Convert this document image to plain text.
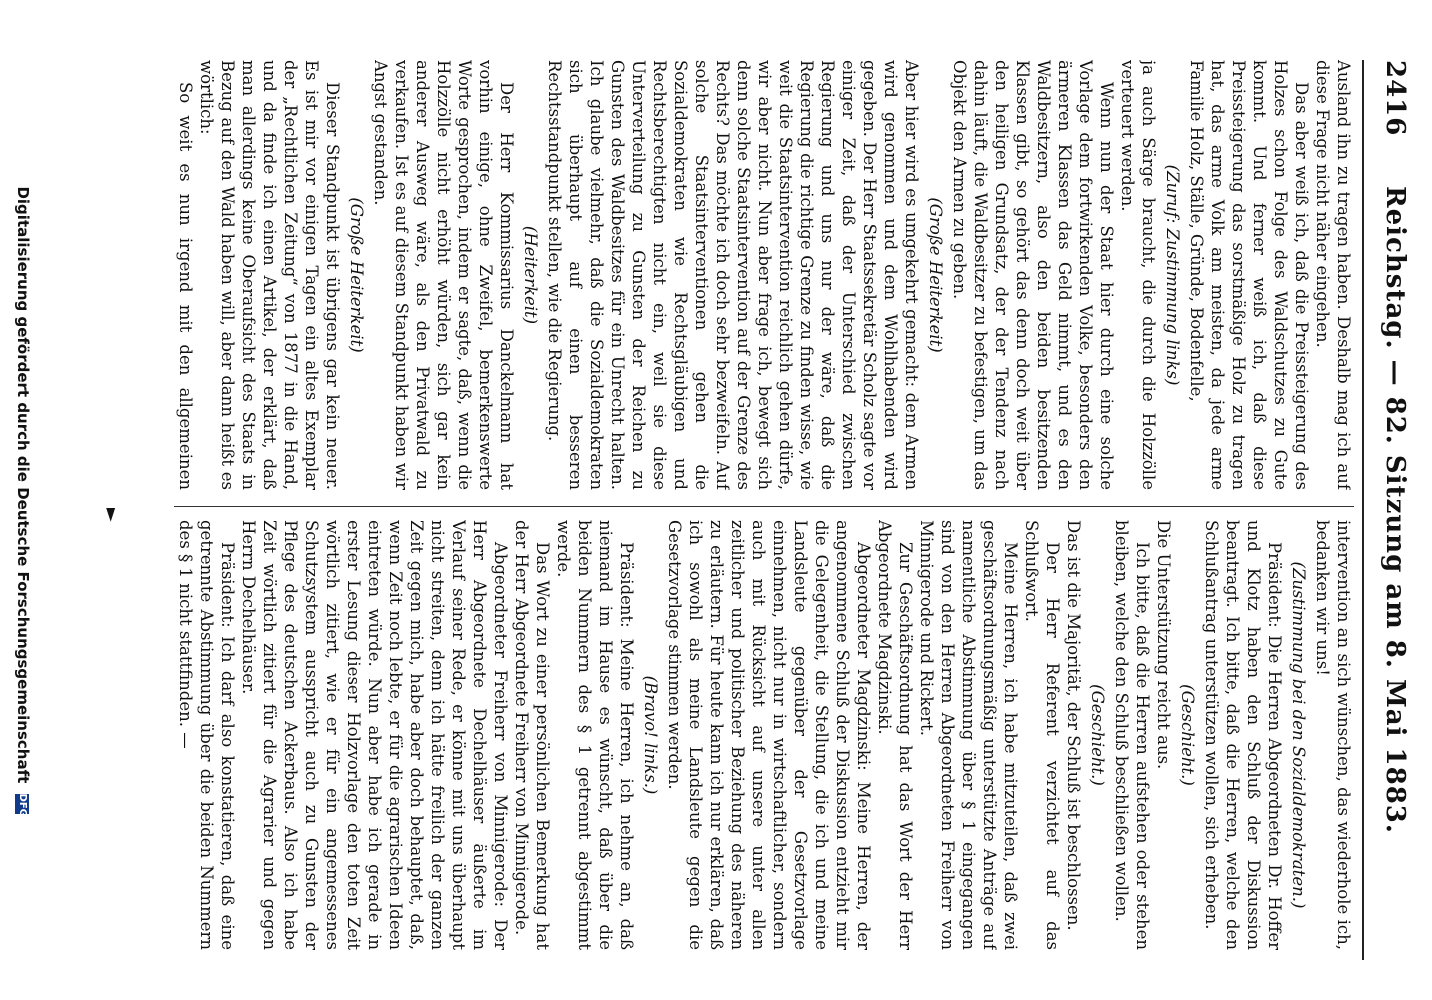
2416
Reichstag. — 82. Sitzung am 8. Mai 1883.

Ausland ihn zu tragen haben. Deshalb mag ich auf diese Frage nicht näher eingehen.

Das aber weiß ich, daß die Preissteigerung des Holzes schon Folge des Waldschutzes zu Gute kommt. Und ferner weiß ich, daß diese Preissteigerung das sorstmäßige Holz zu tragen hat, das arme Volk am meisten, da jede arme Familie Holz, Ställe, Gründe, Bodenfelle,

(Zuruf: Zustimmung links)

ja auch Särge braucht, die durch die Holzzölle verteuert werden.

Wenn nun der Staat hier durch eine solche Vorlage dem fortwirkenden Volke, besonders den ärmeren Klassen das Geld nimmt, und es den Waldbesitzern, also den beiden besitzenden Klassen gibt, so gehört das denn doch weit über den heiligen Grundsatz, der der Tendenz nach dahin läuft, die Waldbesitzer zu befestigen, um das Objekt den Armen zu geben.

(Große Heiterkeit)

Aber hier wird es umgekehrt gemacht: dem Armen wird genommen und dem Wohlhabenden wird gegeben. Der Herr Staatssekretär Scholz sagte vor einiger Zeit, daß der Unterschied zwischen Regierung und uns nur der wäre, daß die Regierung die richtige Grenze zu finden wisse, wie weit die Staatsintervention reichlich gehen dürfe, wir aber nicht. Nun aber frage ich, bewegt sich denn solche Staatsintervention auf der Grenze des Rechts? Das möchte ich doch sehr bezweifeln. Auf solche Staatsinterventionen gehen die Sozialdemokraten wie Rechtsgläubigen und Rechtsberechtigten nicht ein, weil sie diese Unterverteilung zu Gunsten der Reichen zu Gunsten des Waldbesitzes für ein Unrecht halten. Ich glaube vielmehr, daß die Sozialdemokraten sich überhaupt auf einen besseren Rechtsstandpunkt stellen, wie die Regierung.

(Heiterkeit)

Der Herr Kommissarius Danckelmann hat vorhin einige, ohne Zweifel, bemerkenswerte Worte gesprochen, indem er sagte, daß, wenn die Holzzölle nicht erhöht würden, sich gar kein anderer Ausweg wäre, als den Privatwald zu verkaufen. Ist es auf diesem Standpunkt haben wir Angst gestanden.

(Große Heiterkeit)

Dieser Standpunkt ist übrigens gar kein neuer. Es ist mir vor einigen Tagen ein altes Exemplar der „Rechtlichen Zeitung“ von 1877 in die Hand, und da finde ich einen Artikel, der erklärt, daß man allerdings keine Oberaufsicht des Staats in Bezug auf den Wald haben will, aber dann heißt es wörtlich:

So weit es nun irgend mit den allgemeinen

intervention an sich wünschen, das wiederhole ich, bedanken wir uns!

(Zustimmung bei den Sozialdemokraten.)

Präsident: Die Herren Abgeordneten Dr. Hoffer und Klotz haben den Schluß der Diskussion beantragt. Ich bitte, daß die Herren, welche den Schlußantrag unterstützen wollen, sich erheben.

(Geschieht.)

Die Unterstützung reicht aus.

Ich bitte, daß die Herren aufstehen oder stehen bleiben, welche den Schluß beschließen wollen.

(Geschieht.)

Das ist die Majorität, der Schluß ist beschlossen.

Der Herr Referent verzichtet auf das Schlußwort.

Meine Herren, ich habe mitzuteilen, daß zwei geschäftsordnungsmäßig unterstützte Anträge auf namentliche Abstimmung über § 1 eingegangen sind von den Herren Abgeordneten Freiherr von Minnigerode und Rickert.

Zur Geschäftsordnung hat das Wort der Herr Abgeordnete Magdzinski.

Abgeordneter Magdzinski: Meine Herren, der angenommene Schluß der Diskussion entzieht mir die Gelegenheit, die Stellung, die ich und meine Landsleute gegenüber der Gesetzvorlage einnehmen, nicht nur in wirtschaftlicher, sondern auch mit Rücksicht auf unsere unter allen zeitlicher und politischer Beziehung des näheren zu erläutern. Für heute kann ich nur erklären, daß ich sowohl als meine Landsleute gegen die Gesetzvorlage stimmen werden.

(Bravo! links.)

Präsident: Meine Herren, ich nehme an, daß niemand im Hause es wünscht, daß über die beiden Nummern des § 1 getrennt abgestimmt werde.

Das Wort zu einer persönlichen Bemerkung hat der Herr Abgeordnete Freiherr von Minnigerode.

Abgeordneter Freiherr von Minnigerode: Der Herr Abgeordnete Dechelhäuser äußerte im Verlauf seiner Rede, er könne mit uns überhaupt nicht streiten, denn ich hätte freilich der ganzen Zeit gegen mich, habe aber doch behauptet, daß, wenn Zeit noch lebte, er für die agrarischen Ideen eintreten würde. Nun aber habe ich gerade in erster Lesung dieser Holzvorlage den toten Zeit wörtlich zitiert, wie er für ein angemessenes Schutzsystem ausspricht auch zu Gunsten der Pflege des deutschen Ackerbaus. Also ich habe Zeit wörtlich zitiert für die Agrarier und gegen Herrn Dechelhäuser.

Präsident: Ich darf also konstatieren, daß eine getrennte Abstimmung über die beiden Nummern des § 1 nicht stattfinden. —

►
Digitalisierung gefördert durch die Deutsche Forschungsgemeinschaft DFG
